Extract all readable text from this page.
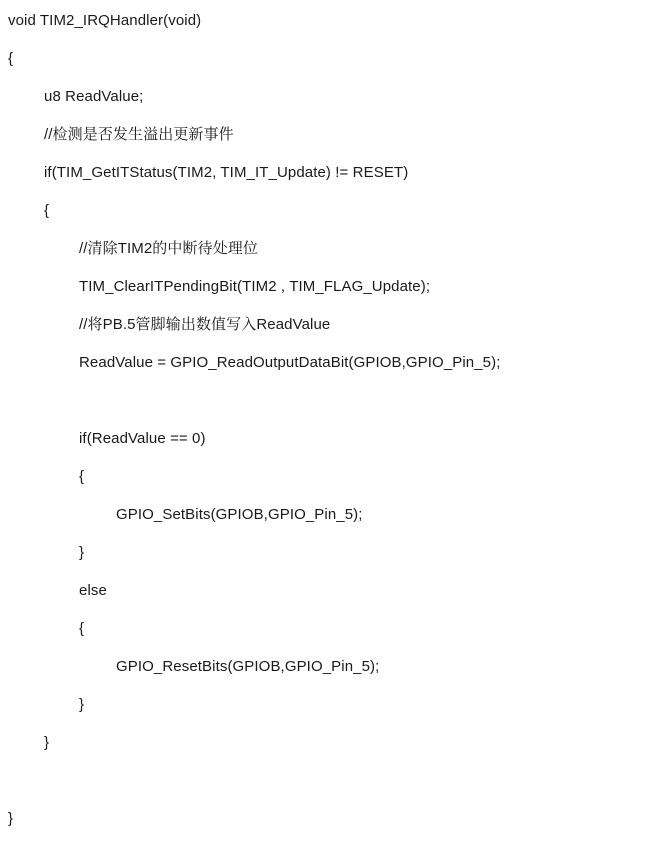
void TIM2_IRQHandler(void)
{
u8 ReadValue;
//检测是否发生溢出更新事件
if(TIM_GetITStatus(TIM2, TIM_IT_Update) != RESET)
{
//清除TIM2的中断待处理位
TIM_ClearITPendingBit(TIM2 , TIM_FLAG_Update);
//将PB.5管脚输出数值写入ReadValue
ReadValue = GPIO_ReadOutputDataBit(GPIOB,GPIO_Pin_5);
if(ReadValue == 0)
{
GPIO_SetBits(GPIOB,GPIO_Pin_5);
}
else
{
GPIO_ResetBits(GPIOB,GPIO_Pin_5);
}
}
}
